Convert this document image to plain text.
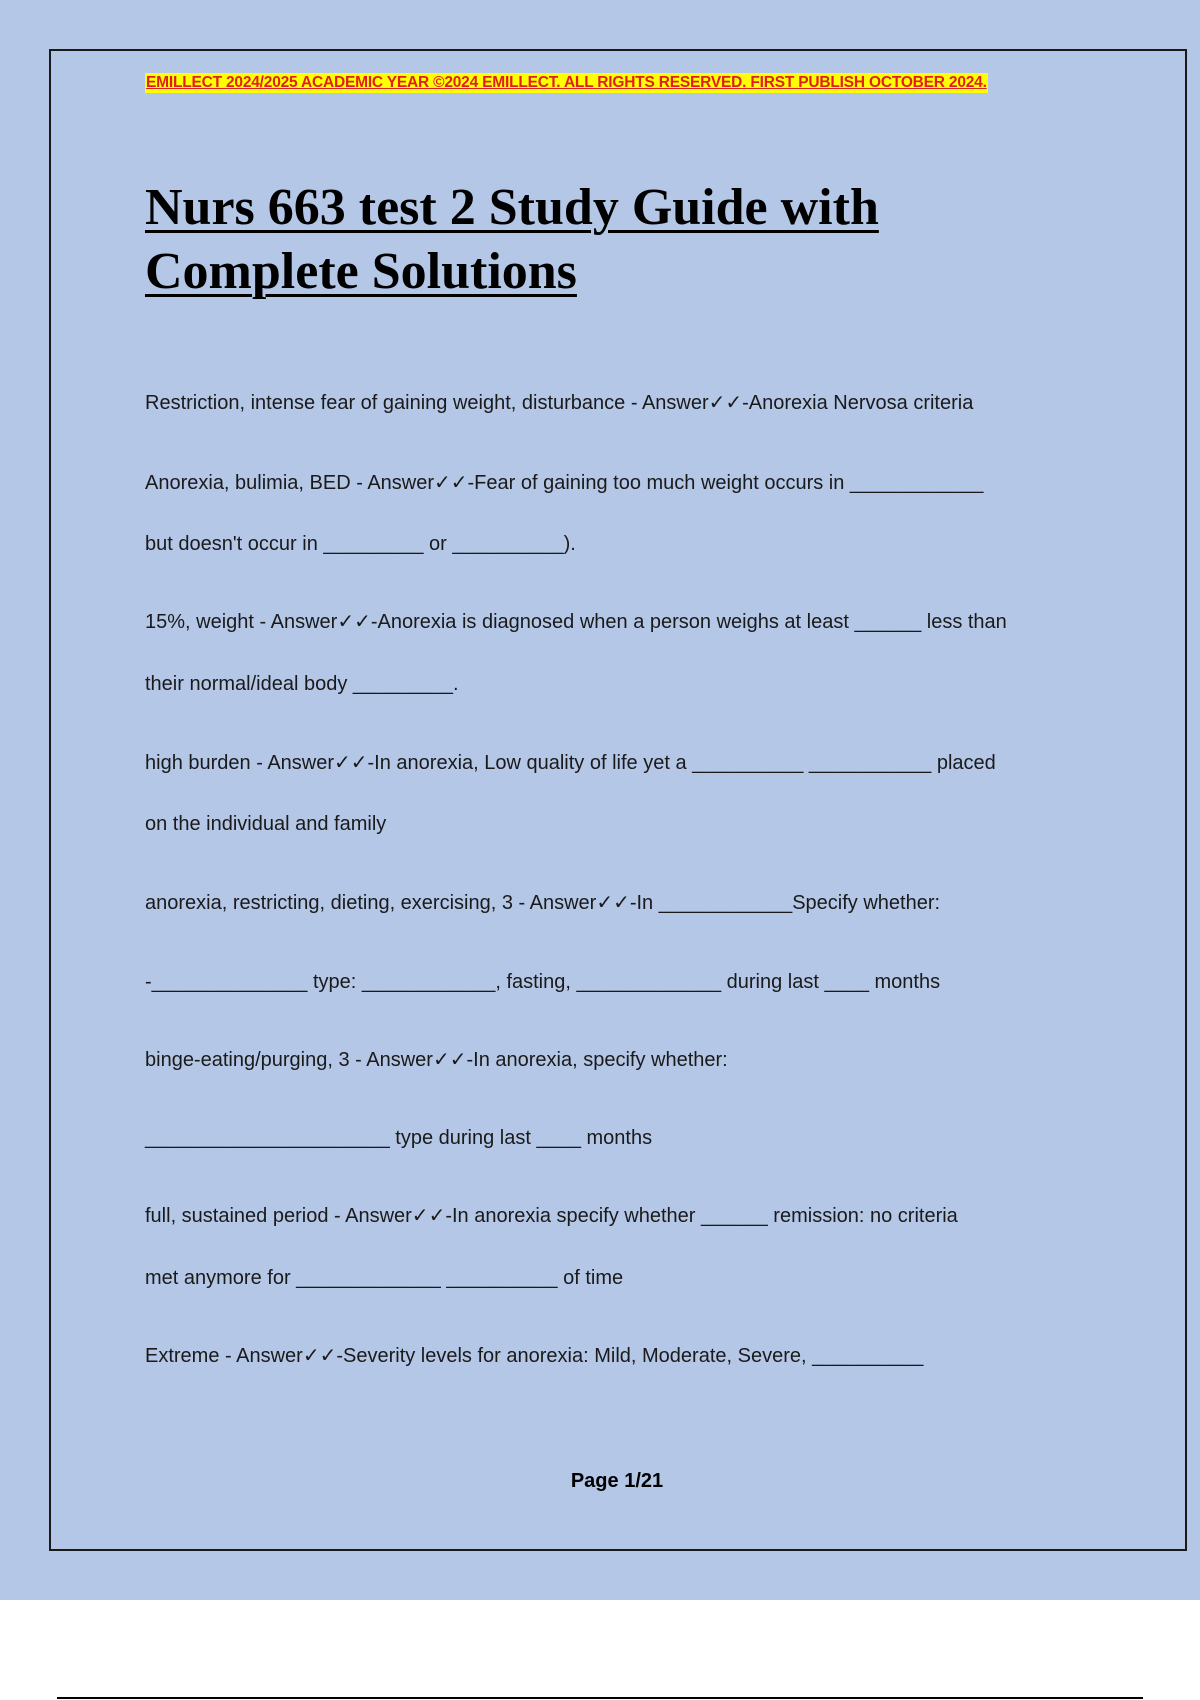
EMILLECT 2024/2025 ACADEMIC YEAR ©2024 EMILLECT. ALL RIGHTS RESERVED. FIRST PUBLISH OCTOBER 2024.
Nurs 663 test 2 Study Guide with
Complete Solutions
Restriction, intense fear of gaining weight, disturbance - Answer✓✓-Anorexia Nervosa criteria
Anorexia, bulimia, BED - Answer✓✓-Fear of gaining too much weight occurs in ____________
but doesn't occur in _________ or __________).
15%, weight - Answer✓✓-Anorexia is diagnosed when a person weighs at least ______ less than
their normal/ideal body _________.
high burden - Answer✓✓-In anorexia, Low quality of life yet a __________ ___________ placed
on the individual and family
anorexia, restricting, dieting, exercising, 3 - Answer✓✓-In ____________Specify whether:
-______________ type: ____________, fasting, _____________ during last ____ months
binge-eating/purging, 3 - Answer✓✓-In anorexia, specify whether:
______________________ type during last ____ months
full, sustained period - Answer✓✓-In anorexia specify whether ______ remission: no criteria
met anymore for _____________ __________ of time
Extreme - Answer✓✓-Severity levels for anorexia: Mild, Moderate, Severe, __________
Page 1/21
